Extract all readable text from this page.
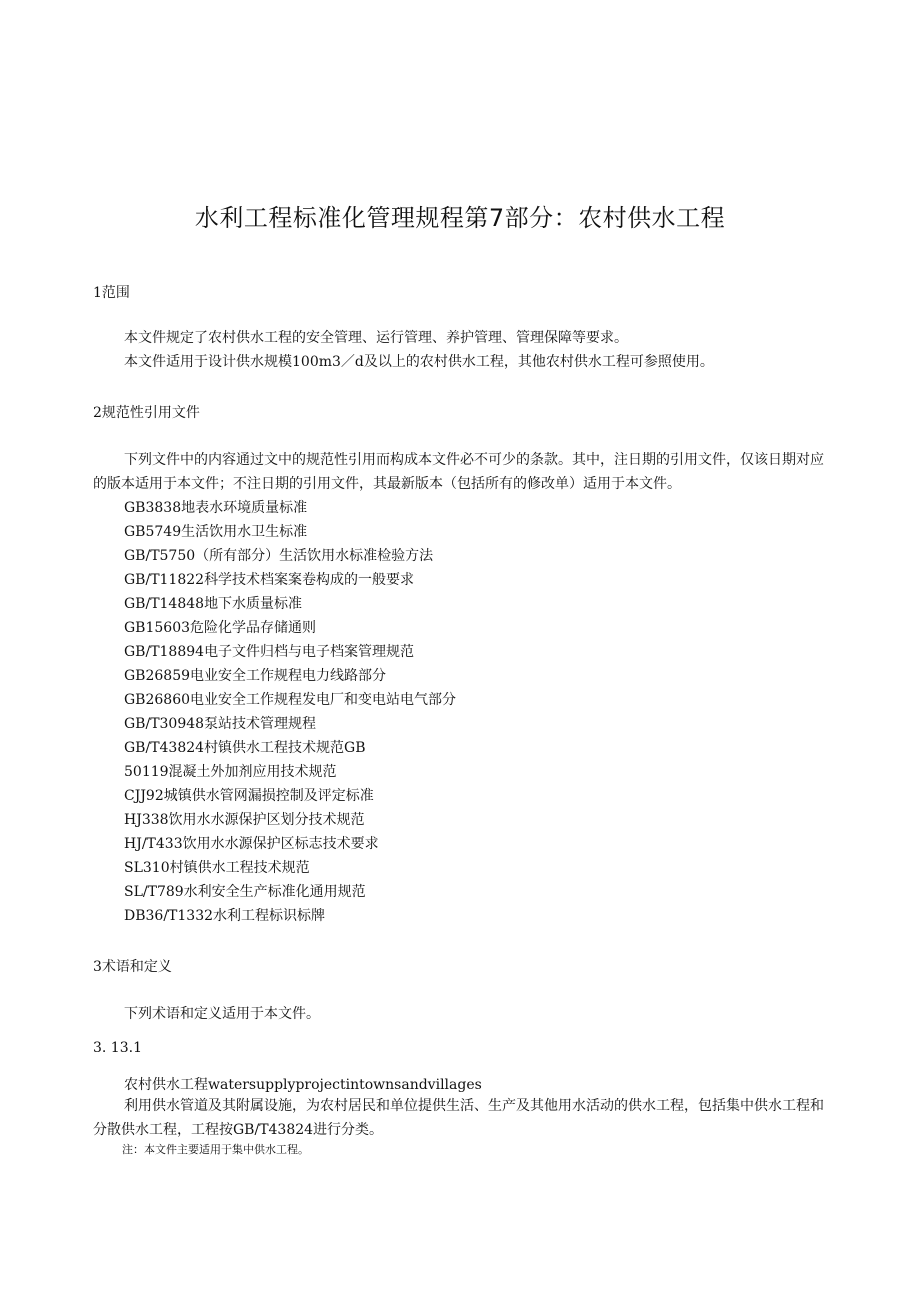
水利工程标准化管理规程第7部分：农村供水工程
1范围
本文件规定了农村供水工程的安全管理、运行管理、养护管理、管理保障等要求。
本文件适用于设计供水规模100m3／d及以上的农村供水工程，其他农村供水工程可参照使用。
2规范性引用文件
下列文件中的内容通过文中的规范性引用而构成本文件必不可少的条款。其中，注日期的引用文件，仅该日期对应的版本适用于本文件；不注日期的引用文件，其最新版本（包括所有的修改单）适用于本文件。
GB3838地表水环境质量标准
GB5749生活饮用水卫生标准
GB/T5750（所有部分）生活饮用水标准检验方法
GB/T11822科学技术档案案卷构成的一般要求
GB/T14848地下水质量标准
GB15603危险化学品存储通则
GB/T18894电子文件归档与电子档案管理规范
GB26859电业安全工作规程电力线路部分
GB26860电业安全工作规程发电厂和变电站电气部分
GB/T30948泵站技术管理规程
GB/T43824村镇供水工程技术规范GB
50119混凝土外加剂应用技术规范
CJJ92城镇供水管网漏损控制及评定标准
HJ338饮用水水源保护区划分技术规范
HJ/T433饮用水水源保护区标志技术要求
SL310村镇供水工程技术规范
SL/T789水利安全生产标准化通用规范
DB36/T1332水利工程标识标牌
3术语和定义
下列术语和定义适用于本文件。
3. 13.1
农村供水工程watersupplyprojectintownsandvillages
利用供水管道及其附属设施，为农村居民和单位提供生活、生产及其他用水活动的供水工程，包括集中供水工程和分散供水工程，工程按GB/T43824进行分类。
注：本文件主要适用于集中供水工程。
